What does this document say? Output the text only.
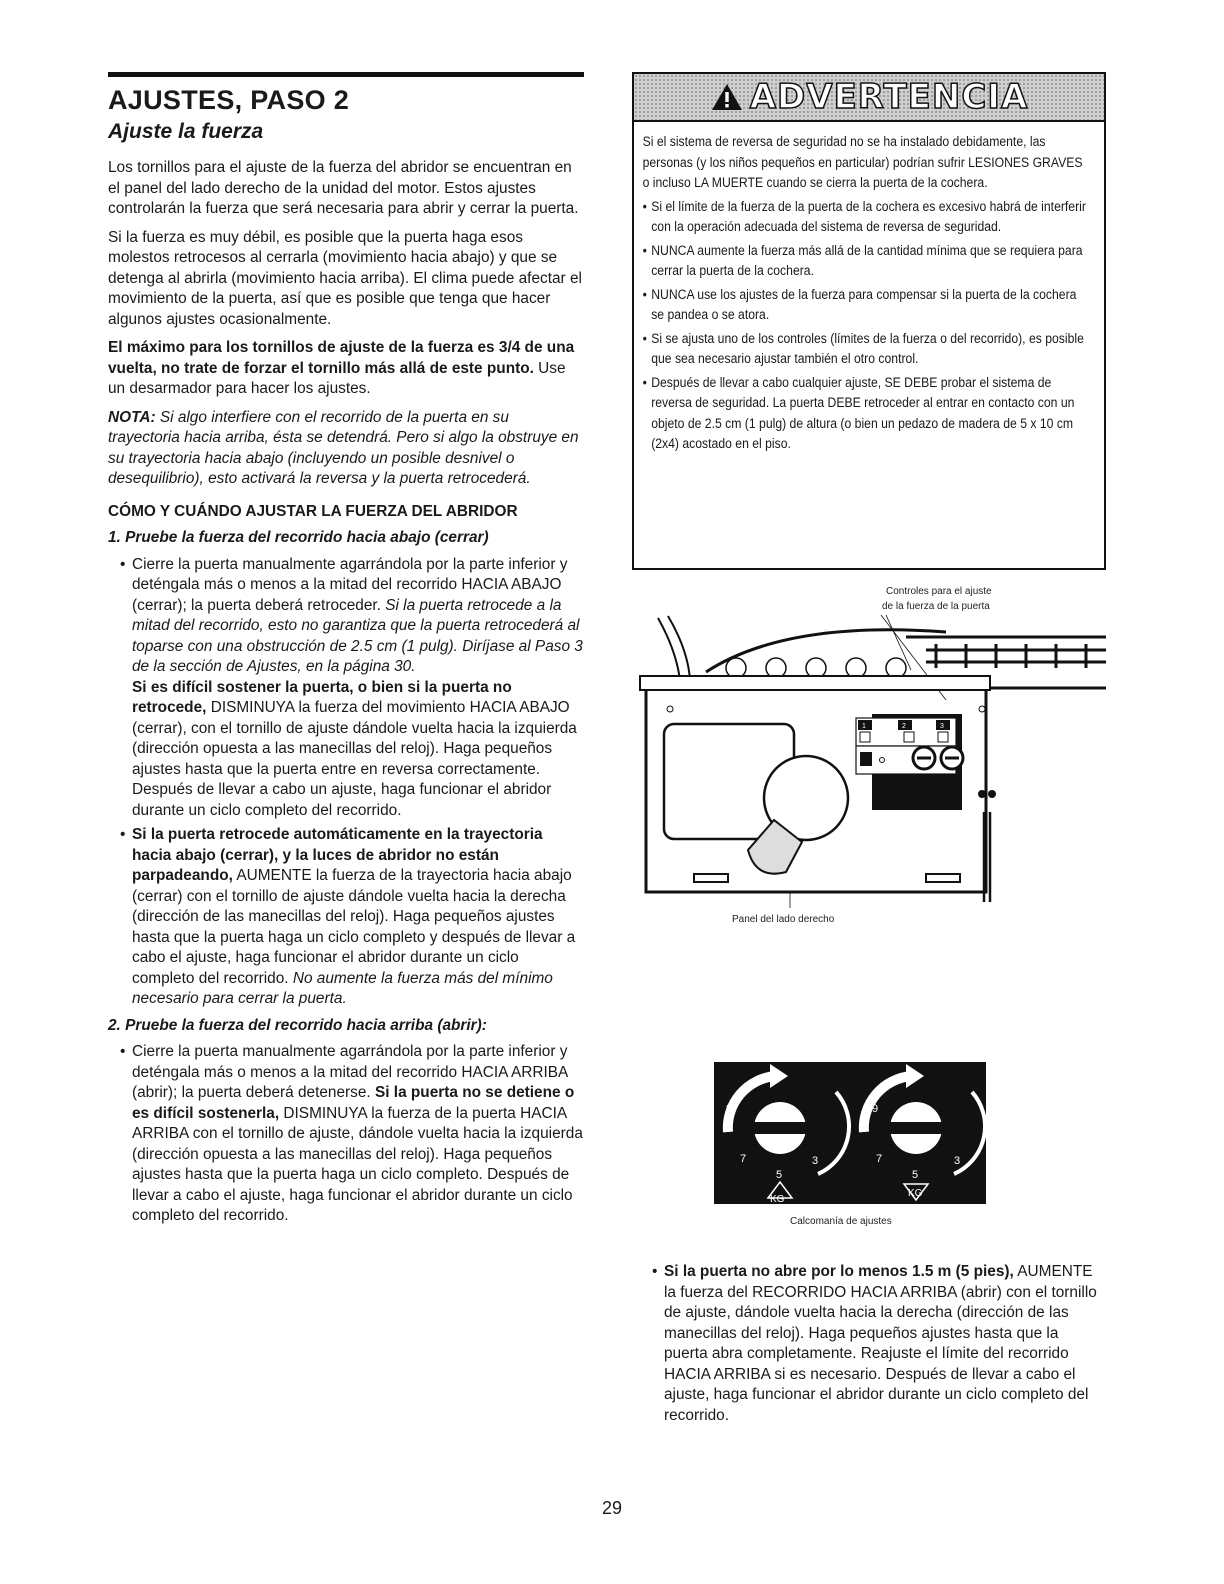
AJUSTES, PASO 2
Ajuste la fuerza

Los tornillos para el ajuste de la fuerza del abridor se encuentran en el panel del lado derecho de la unidad del motor. Estos ajustes controlarán la fuerza que será necesaria para abrir y cerrar la puerta.

Si la fuerza es muy débil, es posible que la puerta haga esos molestos retrocesos al cerrarla (movimiento hacia abajo) y que se detenga al abrirla (movimiento hacia arriba). El clima puede afectar el movimiento de la puerta, así que es posible que tenga que hacer algunos ajustes ocasionalmente.

El máximo para los tornillos de ajuste de la fuerza es 3/4 de una vuelta, no trate de forzar el tornillo más allá de este punto. Use un desarmador para hacer los ajustes.

NOTA: Si algo interfiere con el recorrido de la puerta en su trayectoria hacia arriba, ésta se detendrá. Pero si algo la obstruye en su trayectoria hacia abajo (incluyendo un posible desnivel o desequilibrio), esto activará la reversa y la puerta retrocederá.

CÓMO Y CUÁNDO AJUSTAR LA FUERZA DEL ABRIDOR
1. Pruebe la fuerza del recorrido hacia abajo (cerrar)
• Cierre la puerta manualmente agarrándola por la parte inferior y deténgala más o menos a la mitad del recorrido HACIA ABAJO (cerrar); la puerta deberá retroceder. Si la puerta retrocede a la mitad del recorrido, esto no garantiza que la puerta retrocederá al toparse con una obstrucción de 2.5 cm (1 pulg). Diríjase al Paso 3 de la sección de Ajustes, en la página 30.
Si es difícil sostener la puerta, o bien si la puerta no retrocede, DISMINUYA la fuerza del movimiento HACIA ABAJO (cerrar), con el tornillo de ajuste dándole vuelta hacia la izquierda (dirección opuesta a las manecillas del reloj). Haga pequeños ajustes hasta que la puerta entre en reversa correctamente. Después de llevar a cabo un ajuste, haga funcionar el abridor durante un ciclo completo del recorrido.
• Si la puerta retrocede automáticamente en la trayectoria hacia abajo (cerrar), y la luces de abridor no están parpadeando, AUMENTE la fuerza de la trayectoria hacia abajo (cerrar) con el tornillo de ajuste dándole vuelta hacia la derecha (dirección de las manecillas del reloj). Haga pequeños ajustes hasta que la puerta haga un ciclo completo y después de llevar a cabo el ajuste, haga funcionar el abridor durante un ciclo completo del recorrido. No aumente la fuerza más del mínimo necesario para cerrar la puerta.
2. Pruebe la fuerza del recorrido hacia arriba (abrir):
• Cierre la puerta manualmente agarrándola por la parte inferior y deténgala más o menos a la mitad del recorrido HACIA ARRIBA (abrir); la puerta deberá detenerse. Si la puerta no se detiene o es difícil sostenerla, DISMINUYA la fuerza de la puerta HACIA ARRIBA con el tornillo de ajuste, dándole vuelta hacia la izquierda (dirección opuesta a las manecillas del reloj). Haga pequeños ajustes hasta que la puerta haga un ciclo completo. Después de llevar a cabo el ajuste, haga funcionar el abridor durante un ciclo completo del recorrido.
ADVERTENCIA

Si el sistema de reversa de seguridad no se ha instalado debidamente, las personas (y los niños pequeños en particular) podrían sufrir LESIONES GRAVES o incluso LA MUERTE cuando se cierra la puerta de la cochera.

• Si el límite de la fuerza de la puerta de la cochera es excesivo habrá de interferir con la operación adecuada del sistema de reversa de seguridad.
• NUNCA aumente la fuerza más allá de la cantidad mínima que se requiera para cerrar la puerta de la cochera.
• NUNCA use los ajustes de la fuerza para compensar si la puerta de la cochera se pandea o se atora.
• Si se ajusta uno de los controles (límites de la fuerza o del recorrido), es posible que sea necesario ajustar también el otro control.
• Después de llevar a cabo cualquier ajuste, SE DEBE probar el sistema de reversa de seguridad. La puerta DEBE retroceder al entrar en contacto con un objeto de 2.5 cm (1 pulg) de altura (o bien un pedazo de madera de 5 x 10 cm (2x4) acostado en el piso.
Controles para el ajuste
de la fuerza de la puerta
1	2	3
Panel del lado derecho
9
7
5
3
KG
9
7
5
3
KG
Calcomanía de ajustes
• Si la puerta no abre por lo menos 1.5 m (5 pies), AUMENTE la fuerza del RECORRIDO HACIA ARRIBA (abrir) con el tornillo de ajuste, dándole vuelta hacia la derecha (dirección de las manecillas del reloj). Haga pequeños ajustes hasta que la puerta abra completamente. Reajuste el límite del recorrido HACIA ARRIBA si es necesario. Después de llevar a cabo el ajuste, haga funcionar el abridor durante un ciclo completo del recorrido.
29
